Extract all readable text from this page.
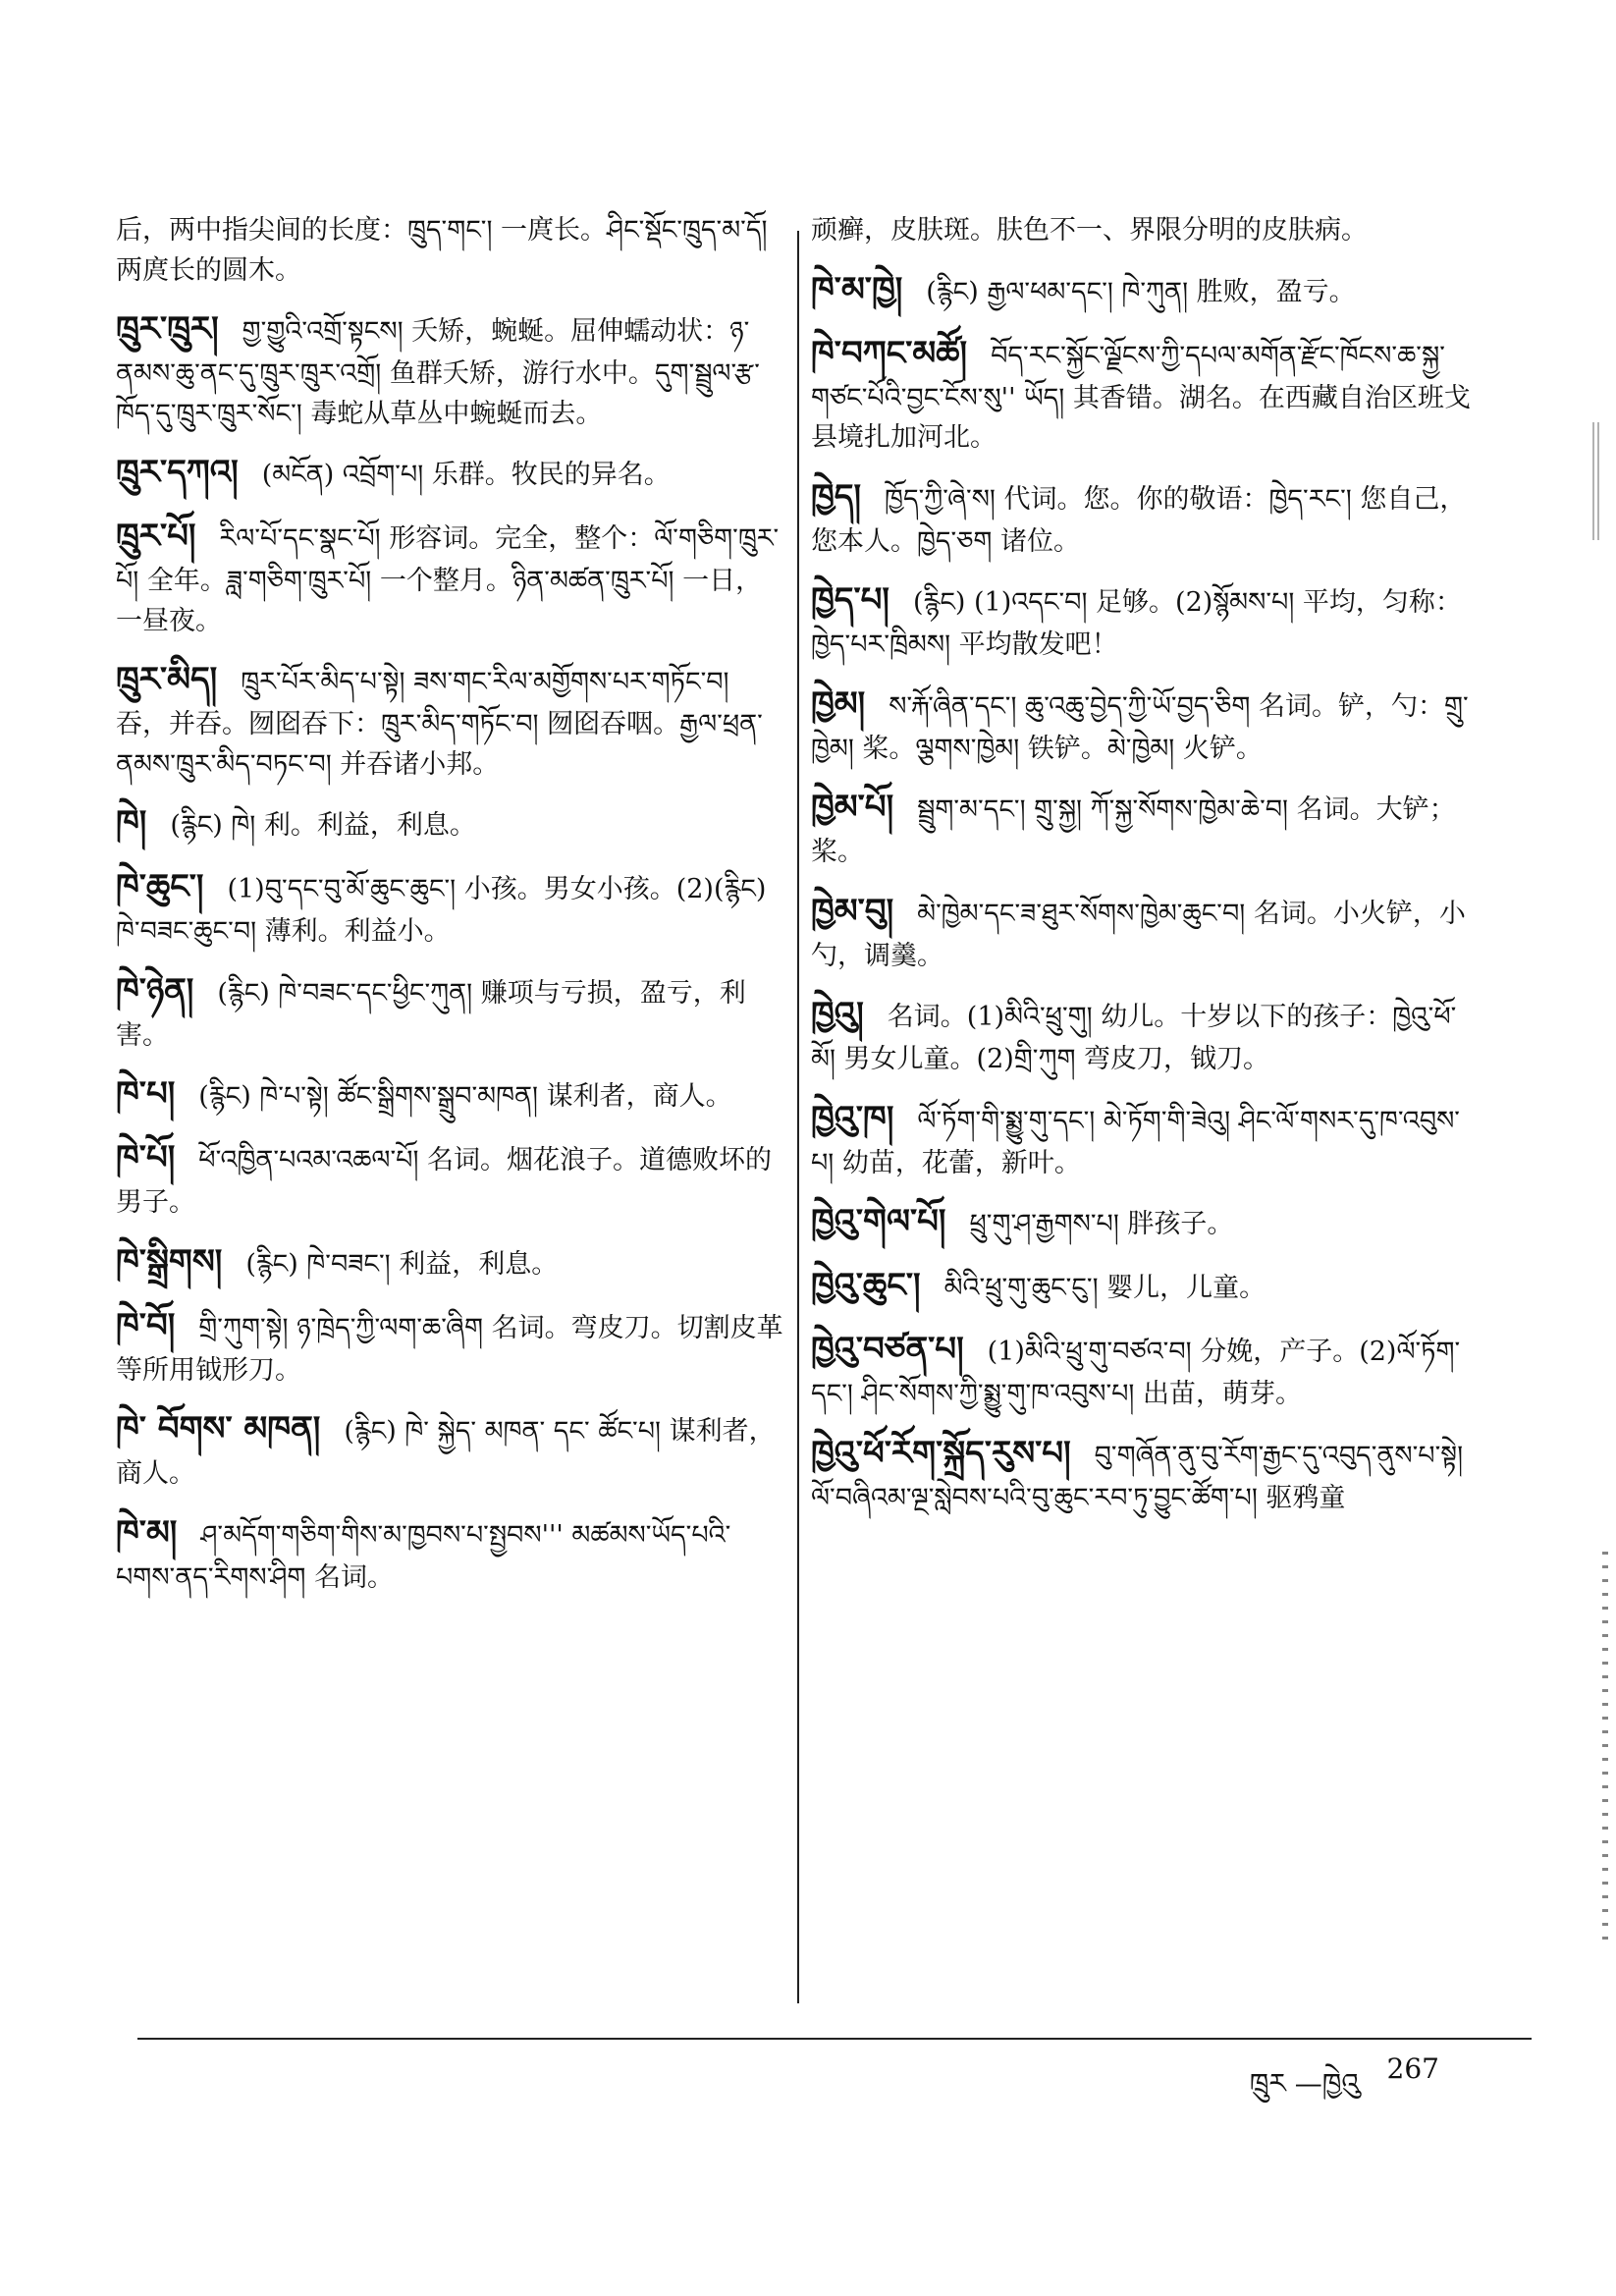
后，两中指尖间的长度：ཁྲུད་གང་། 一庹长。ཤིང་སྡོང་ཁྲུད་མ་དོ། 两庹长的圆木。
ཁྲུར་ཁྲུར། གྱ་གྱུའི་འགྲོ་སྟངས། 夭矫，蜿蜒。屈伸蠕动状：ཉ་ནམས་ཆུ་ནང་དུ་ཁྲུར་ཁྲུར་འགྲོ། 鱼群夭矫，游行水中。དུག་སྦྲུལ་རྩ་ཁོད་དུ་ཁྲུར་ཁྲུར་སོང་། 毒蛇从草丛中蜿蜒而去。
ཁྲུར་དཀའ། (མངོན) འབྲོག་པ། 乐群。牧民的异名。
ཁྲུར་པོ། རིལ་པོ་དང་སྣང་པོ། 形容词。完全，整个：ལོ་གཅིག་ཁྲུར་པོ། 全年。ཟླ་གཅིག་ཁྲུར་པོ། 一个整月。ཉིན་མཚན་ཁྲུར་པོ། 一日，一昼夜。
ཁྲུར་མིད། ཁྲུར་པོར་མིད་པ་སྟེ། ཟས་གང་རིལ་མགྱོགས་པར་གཏོང་བ། 吞，并吞。囫囵吞下：ཁྲུར་མིད་གཏོང་བ། 囫囵吞咽。རྒྱལ་ཕྲན་ནམས་ཁྲུར་མིད་བཏང་བ། 并吞诸小邦。
ཁེ། (རྙིང) ཁེ། 利。利益，利息。
ཁེ་ཆུང་། (1)བུ་དང་བུ་མོ་ཆུང་ཆུང་། 小孩。男女小孩。(2)(རྙིང) ཁེ་བཟང་ཆུང་བ། 薄利。利益小。
ཁེ་ཉེན། (རྙིང) ཁེ་བཟང་དང་ཕྱིང་ཀུན། 赚项与亏损，盈亏，利害。
ཁེ་པ། (རྙིང) ཁེ་པ་སྟེ། ཚོང་སྒྲིགས་སྒྲུབ་མཁན། 谋利者，商人。
ཁེ་པོ། ཕོ་འཁྱིན་པའམ་འཆལ་པོ། 名词。烟花浪子。道德败坏的男子。
ཁེ་སྒྲིགས། (རྙིང) ཁེ་བཟང་། 利益，利息。
ཁེ་བོ། གྲི་ཀུག་སྟེ། ཉ་ཁྲེད་ཀྱི་ལག་ཆ་ཞིག 名词。弯皮刀。切割皮革等所用钺形刀。
ཁེ་ བོགས་ མཁན། (རྙིང) ཁེ་ སྐྱེད་ མཁན་ དང་ ཚོང་པ། 谋利者，商人。
ཁེ་མ། ཤ་མདོག་གཅིག་གིས་མ་ཁྱབས་པ་སྤྱབས''' མཚམས་ཡོད་པའི་པགས་ནད་རིགས་ཤིག 名词。
顽癣，皮肤斑。肤色不一、界限分明的皮肤病。
ཁེ་མ་ཁྱེ། (རྙིང) རྒྱལ་ཕམ་དང་། ཁེ་ཀུན། 胜败，盈亏。
ཁེ་བཀང་མཚོ། བོད་རང་སྐྱོང་ལྗོངས་ཀྱི་དཔལ་མགོན་རྫོང་ཁོངས་ཆ་སྐྱ་གཙང་པོའི་བྱང་ངོས་སུ'' ཡོད། 其香错。湖名。在西藏自治区班戈县境扎加河北。
ཁྱེད། ཁྱོད་ཀྱི་ཞེ་ས། 代词。您。你的敬语：ཁྱེད་རང་། 您自己，您本人。ཁྱེད་ཅག 诸位。
ཁྱེད་པ། (རྙིང) (1)འདང་བ། 足够。(2)སྙོམས་པ། 平均，匀称：ཁྱེད་པར་ཁྲིམས། 平均散发吧！
ཁྱེམ། ས་རྐོ་ཞིན་དང་། ཆུ་འཆུ་བྱེད་ཀྱི་ཡོ་བྱད་ཅིག 名词。铲，勺：གྲུ་ཁྱེམ། 桨。ལྕགས་ཁྱེམ། 铁铲。མེ་ཁྱེམ། 火铲。
ཁྱེམ་པོ། སྦྲུག་མ་དང་། གྲུ་སྐྱ། ཀོ་སྐྱ་སོགས་ཁྱེམ་ཆེ་བ། 名词。大铲；桨。
ཁྱེམ་བུ། མེ་ཁྱེམ་དང་ཟ་ཐུར་སོགས་ཁྱེམ་ཆུང་བ། 名词。小火铲，小勺，调羹。
ཁྱེའུ། 名词。(1)མིའི་ཕྲུ་གུ། 幼儿。十岁以下的孩子：ཁྱེའུ་ཕོ་མོ། 男女儿童。(2)གྲི་ཀུག 弯皮刀，钺刀。
ཁྱེའུ་ཁ། ལོ་ཏོག་གི་སྨྱུ་གུ་དང་། མེ་ཏོག་གི་ཟེའུ། ཤིང་ལོ་གསར་དུ་ཁ་འབུས་པ། 幼苗，花蕾，新叶。
ཁྱེའུ་གེལ་པོ། ཕྲུ་གུ་ཤ་རྒྱགས་པ། 胖孩子。
ཁྱེའུ་ཆུང་། མིའི་ཕྲུ་གུ་ཆུང་ངུ་། 婴儿，儿童。
ཁྱེའུ་བཙན་པ། (1)མིའི་ཕྲུ་གུ་བཙའ་བ། 分娩，产子。(2)ལོ་ཏོག་དང་། ཤིང་སོགས་ཀྱི་སྨྱུ་གུ་ཁ་འབུས་པ། 出苗，萌芽。
ཁྱེའུ་ཕོ་རོག་སྐྲོད་རུས་པ། བུ་གཞོན་ནུ་བུ་རོག་རྒྱང་དུ་འབུད་ནུས་པ་སྟེ། ལོ་བཞིའམ་ལྔ་སླེབས་པའི་བུ་ཆུང་རབ་ཏུ་བྱུང་ཚོག་པ། 驱鸦童
ཁྲུར —ཁྱེའུ 267
